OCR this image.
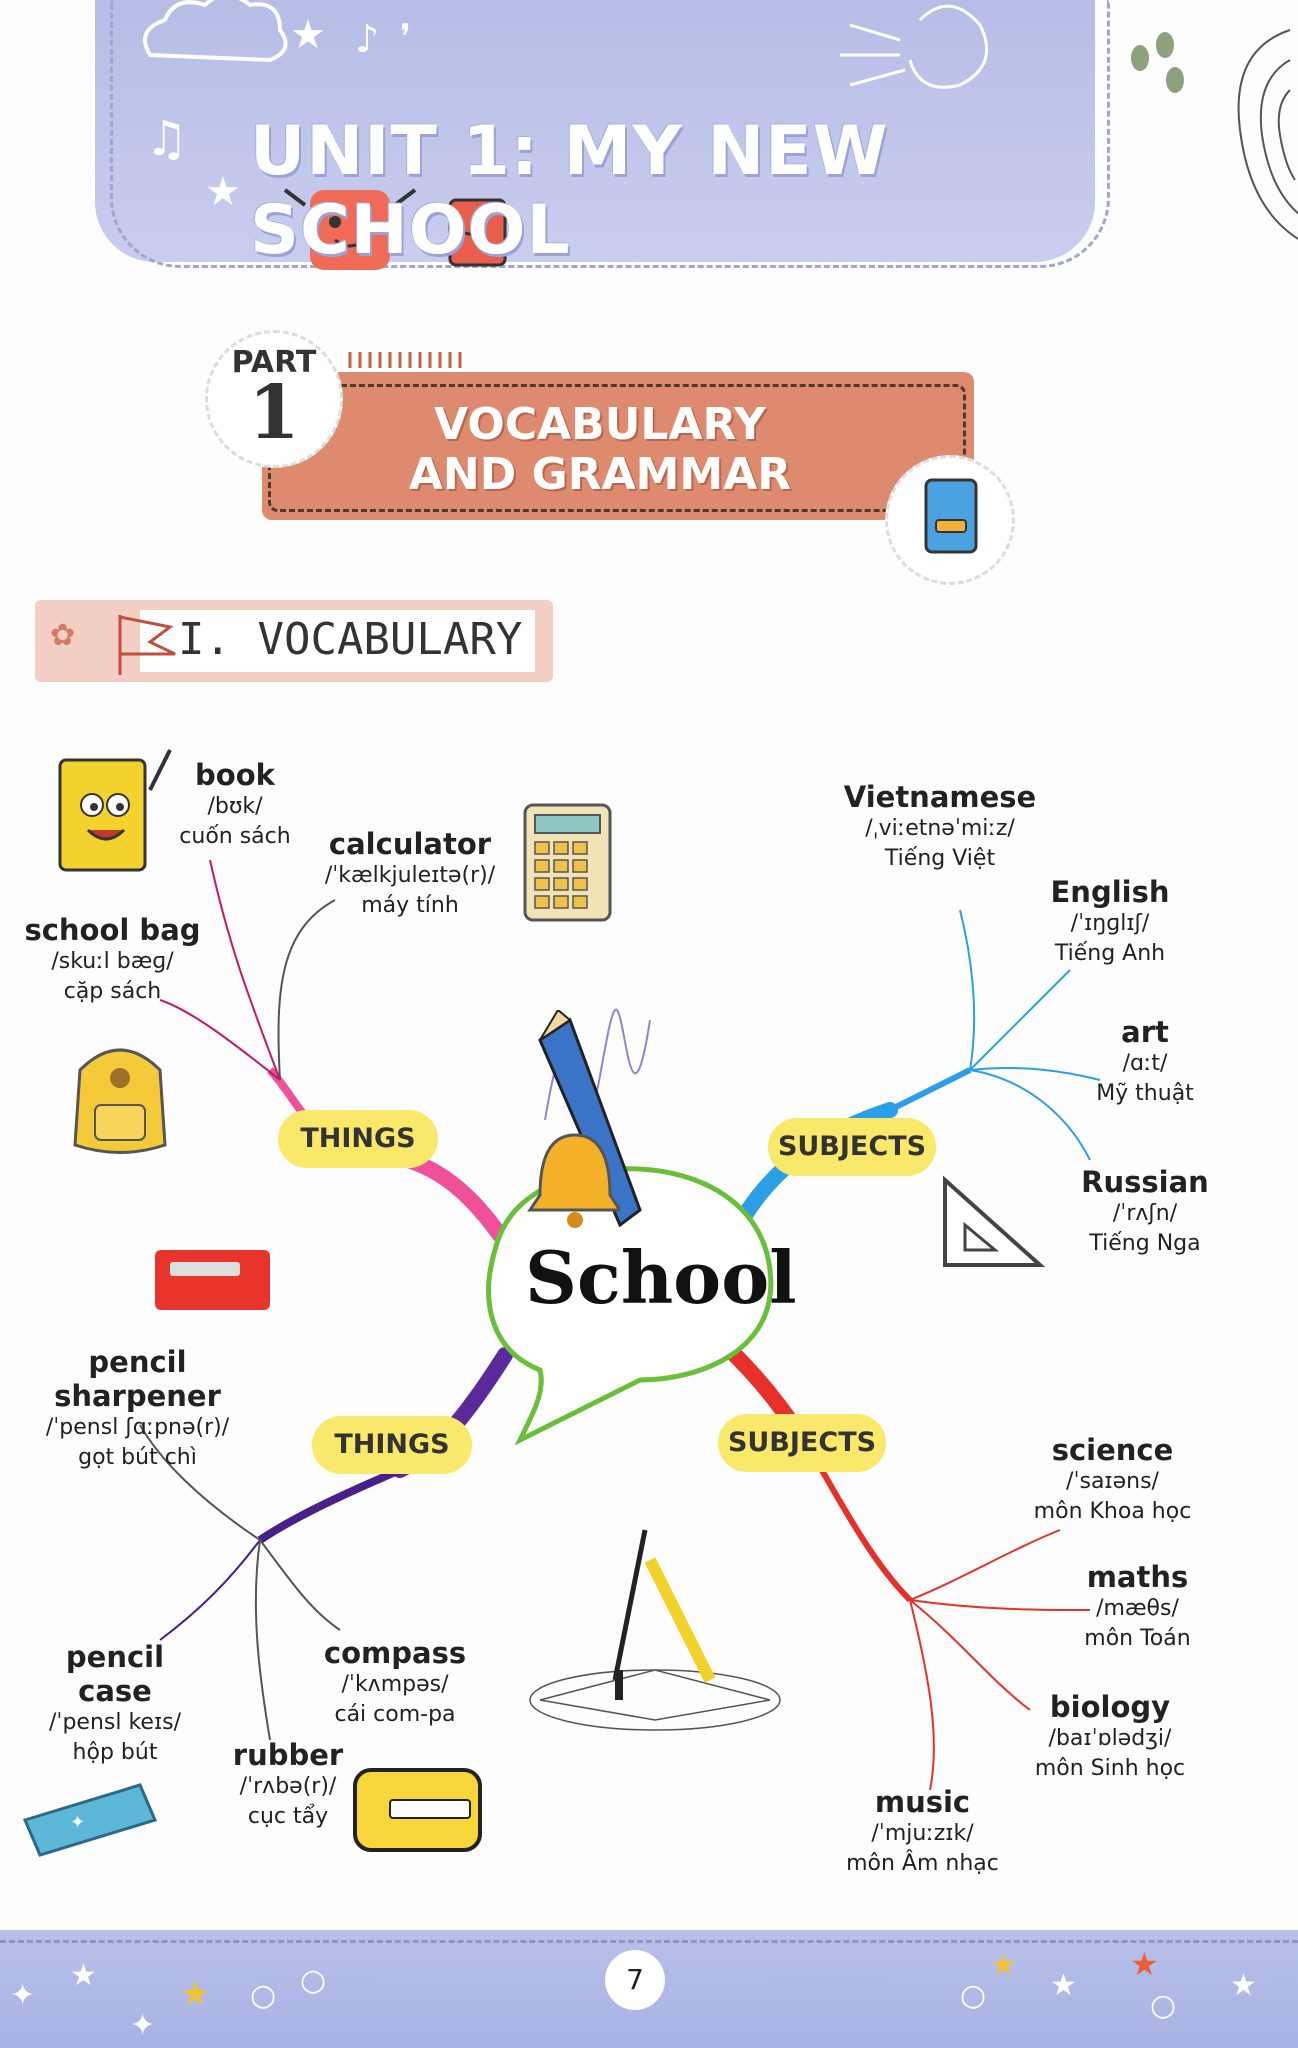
★ ♪ ❜
♫
★
UNIT 1: MY NEW SCHOOL
VOCABULARY
AND GRAMMAR
PART
1
✿ I. VOCABULARY
School
THINGS	SUBJECTS
THINGS	SUBJECTS
✦
book
/bʊk/
cuốn sách	calculator
/ˈkælkjuleɪtə(r)/
máy tính
school bag
/skuːl bæɡ/
cặp sách
pencil sharpener
/ˈpensl ʃɑːpnə(r)/
gọt bút chì
pencil case
/ˈpensl keɪs/
hộp bút
compass
/ˈkʌmpəs/
cái com-pa
rubber
/ˈrʌbə(r)/
cục tẩy
Vietnamese
/ˌviːetnəˈmiːz/
Tiếng Việt
English
/ˈɪŋɡlɪʃ/
Tiếng Anh
art
/ɑːt/
Mỹ thuật
Russian
/ˈrʌʃn/
Tiếng Nga
science
/ˈsaɪəns/
môn Khoa học
maths
/mæθs/
môn Toán
biology
/baɪˈɒlədʒi/
môn Sinh học
music
/ˈmjuːzɪk/
môn Âm nhạc
✦
★
✦
○ ○	○ ★
○
★
★
★	★
7
